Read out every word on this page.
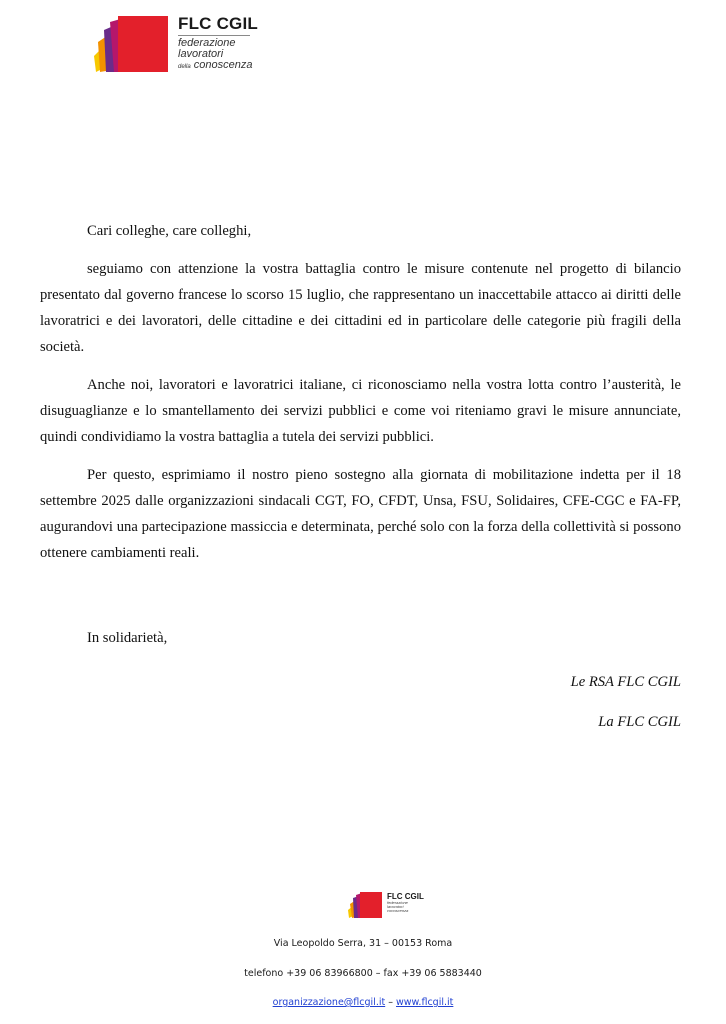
FLC CGIL
federazione
lavoratori
della conoscenza

Cari colleghe, care colleghi,

seguiamo con attenzione la vostra battaglia contro le misure contenute nel progetto di bilancio presentato dal governo francese lo scorso 15 luglio, che rappresentano un inaccettabile attacco ai diritti delle lavoratrici e dei lavoratori, delle cittadine e dei cittadini ed in particolare delle categorie più fragili della società.

Anche noi, lavoratori e lavoratrici italiane, ci riconosciamo nella vostra lotta contro l’austerità, le disuguaglianze e lo smantellamento dei servizi pubblici e come voi riteniamo gravi le misure annunciate, quindi condividiamo la vostra battaglia a tutela dei servizi pubblici.

Per questo, esprimiamo il nostro pieno sostegno alla giornata di mobilitazione indetta per il 18 settembre 2025 dalle organizzazioni sindacali CGT, FO, CFDT, Unsa, FSU, Solidaires, CFE-CGC e FA-FP, augurandovi una partecipazione massiccia e determinata, perché solo con la forza della collettività si possono ottenere cambiamenti reali.

In solidarietà,
Le RSA FLC CGIL
La FLC CGIL
FLC CGIL
federazione
lavoratori
conoscenza
Via Leopoldo Serra, 31 – 00153 Roma
telefono +39 06 83966800 – fax +39 06 5883440
organizzazione@flcgil.it – www.flcgil.it
